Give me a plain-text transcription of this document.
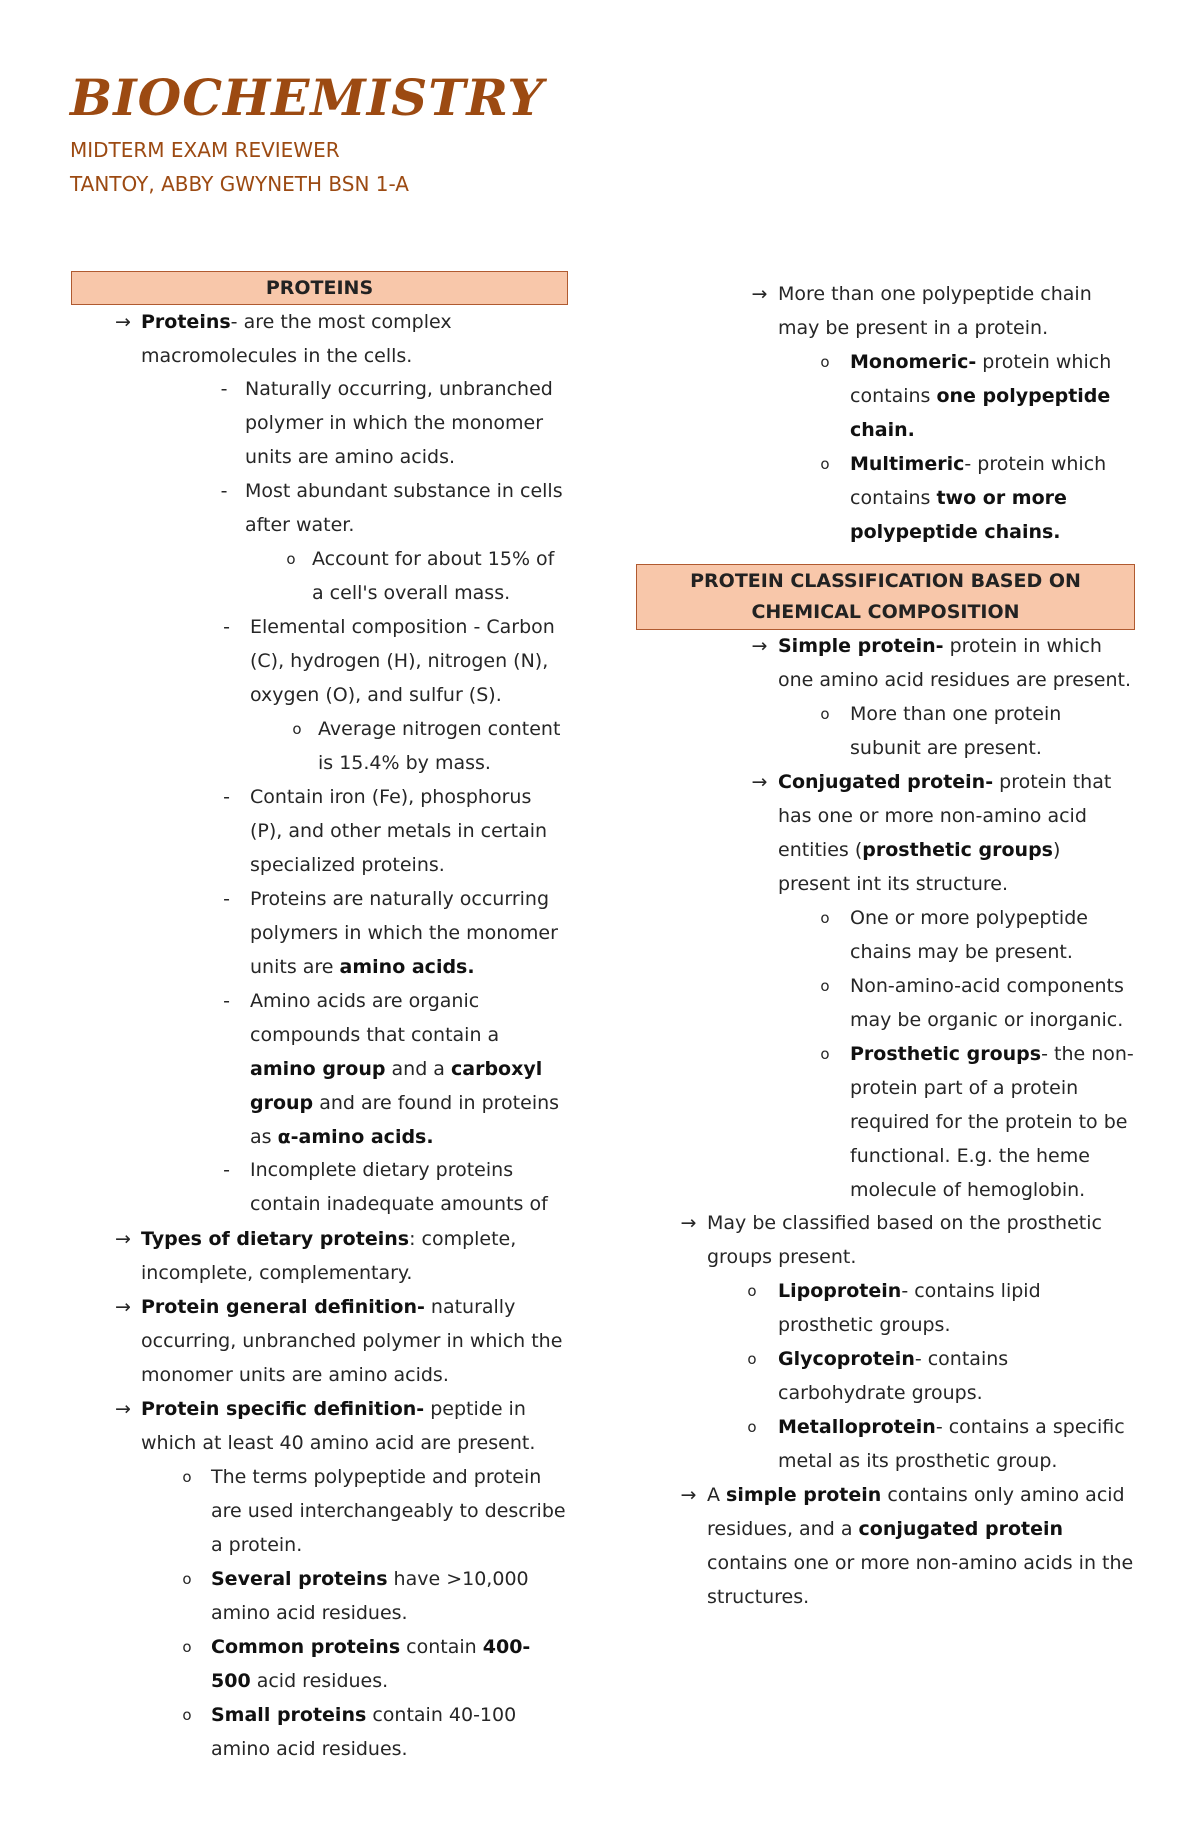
BIOCHEMISTRY

MIDTERM EXAM REVIEWER

TANTOY, ABBY GWYNETH BSN 1-A

PROTEINS
→ Proteins- are the most complex macromolecules in the cells.
- Naturally occurring, unbranched polymer in which the monomer units are amino acids.
- Most abundant substance in cells after water.
o Account for about 15% of a cell's overall mass.
-	Elemental composition - Carbon (C), hydrogen (H), nitrogen (N), oxygen (O), and sulfur (S).
o Average nitrogen content is 15.4% by mass.
-	Contain iron (Fe), phosphorus (P), and other metals in certain specialized proteins.
-	Proteins are naturally occurring polymers in which the monomer units are amino acids.
-	Amino acids are organic compounds that contain a amino group and a carboxyl group and are found in proteins as α-amino acids.
-	Incomplete dietary proteins contain inadequate amounts of
→ Types of dietary proteins: complete, incomplete, complementary.
→ Protein general definition- naturally occurring, unbranched polymer in which the monomer units are amino acids.
→ Protein specific definition- peptide in which at least 40 amino acid are present.
o	The terms polypeptide and protein are used interchangeably to describe a protein.
o	Several proteins have >10,000 amino acid residues.
o	Common proteins contain 400-500 acid residues.
o	Small proteins contain 40-100 amino acid residues.
→ More than one polypeptide chain may be present in a protein.
o	Monomeric- protein which contains one polypeptide chain.
o	Multimeric- protein which contains two or more polypeptide chains.
PROTEIN CLASSIFICATION BASED ON CHEMICAL COMPOSITION
→ Simple protein- protein in which one amino acid residues are present.
o	More than one protein subunit are present.
→ Conjugated protein- protein that has one or more non-amino acid entities (prosthetic groups) present int its structure.
o	One or more polypeptide chains may be present.
o	Non-amino-acid components may be organic or inorganic.
o	Prosthetic groups- the non-protein part of a protein required for the protein to be functional. E.g. the heme molecule of hemoglobin.
→ May be classified based on the prosthetic groups present.
o	Lipoprotein- contains lipid prosthetic groups.
o	Glycoprotein- contains carbohydrate groups.
o	Metalloprotein- contains a specific metal as its prosthetic group.
→ A simple protein contains only amino acid residues, and a conjugated protein contains one or more non-amino acids in the structures.
